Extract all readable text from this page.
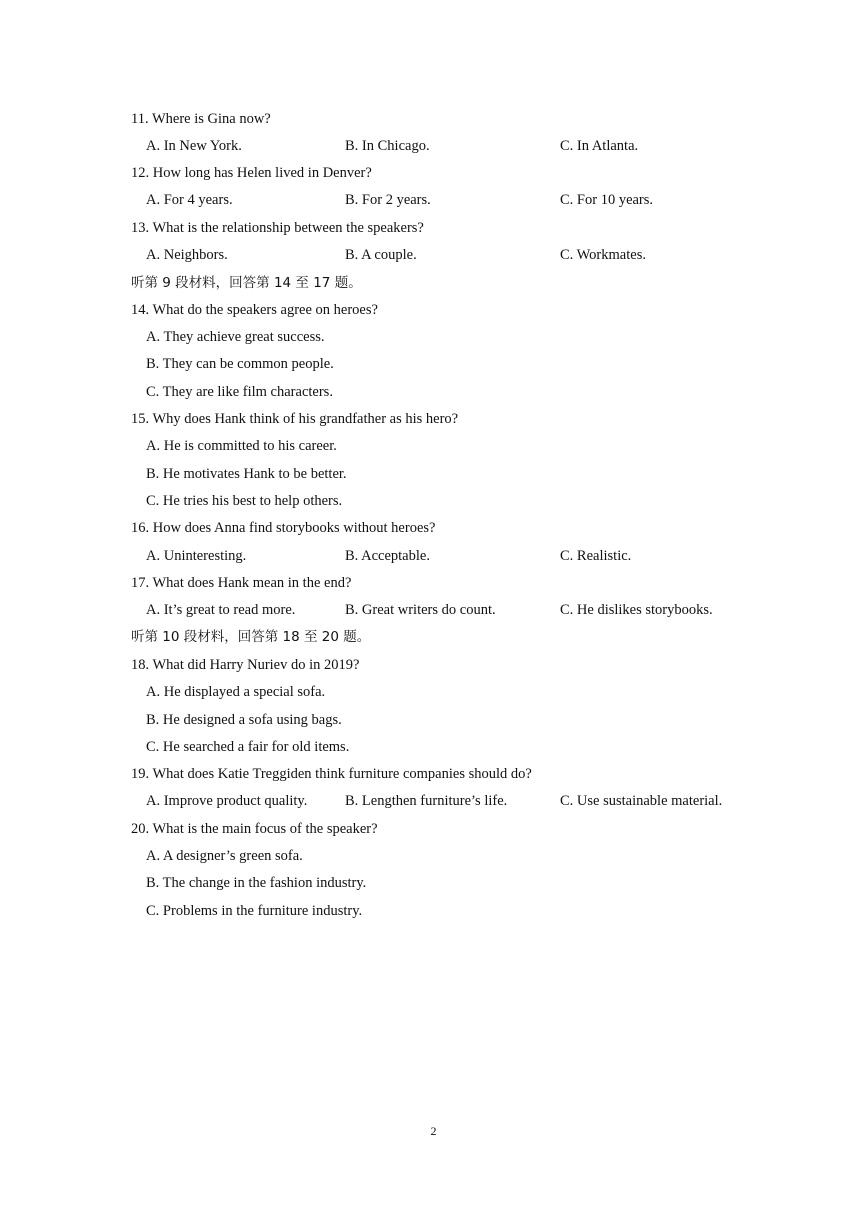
11. Where is Gina now?
A. In New York.	B. In Chicago.	C. In Atlanta.
12. How long has Helen lived in Denver?
A. For 4 years.	B. For 2 years.	C. For 10 years.
13. What is the relationship between the speakers?
A. Neighbors.	B. A couple.	C. Workmates.
听第 9 段材料，回答第 14 至 17 题。
14. What do the speakers agree on heroes?
A. They achieve great success.
B. They can be common people.
C. They are like film characters.
15. Why does Hank think of his grandfather as his hero?
A. He is committed to his career.
B. He motivates Hank to be better.
C. He tries his best to help others.
16. How does Anna find storybooks without heroes?
A. Uninteresting.	B. Acceptable.	C. Realistic.
17. What does Hank mean in the end?
A. It’s great to read more.	B. Great writers do count.	C. He dislikes storybooks.
听第 10 段材料，回答第 18 至 20 题。
18. What did Harry Nuriev do in 2019?
A. He displayed a special sofa.
B. He designed a sofa using bags.
C. He searched a fair for old items.
19. What does Katie Treggiden think furniture companies should do?
A. Improve product quality.	B. Lengthen furniture’s life.	C. Use sustainable material.
20. What is the main focus of the speaker?
A. A designer’s green sofa.
B. The change in the fashion industry.
C. Problems in the furniture industry.
2
